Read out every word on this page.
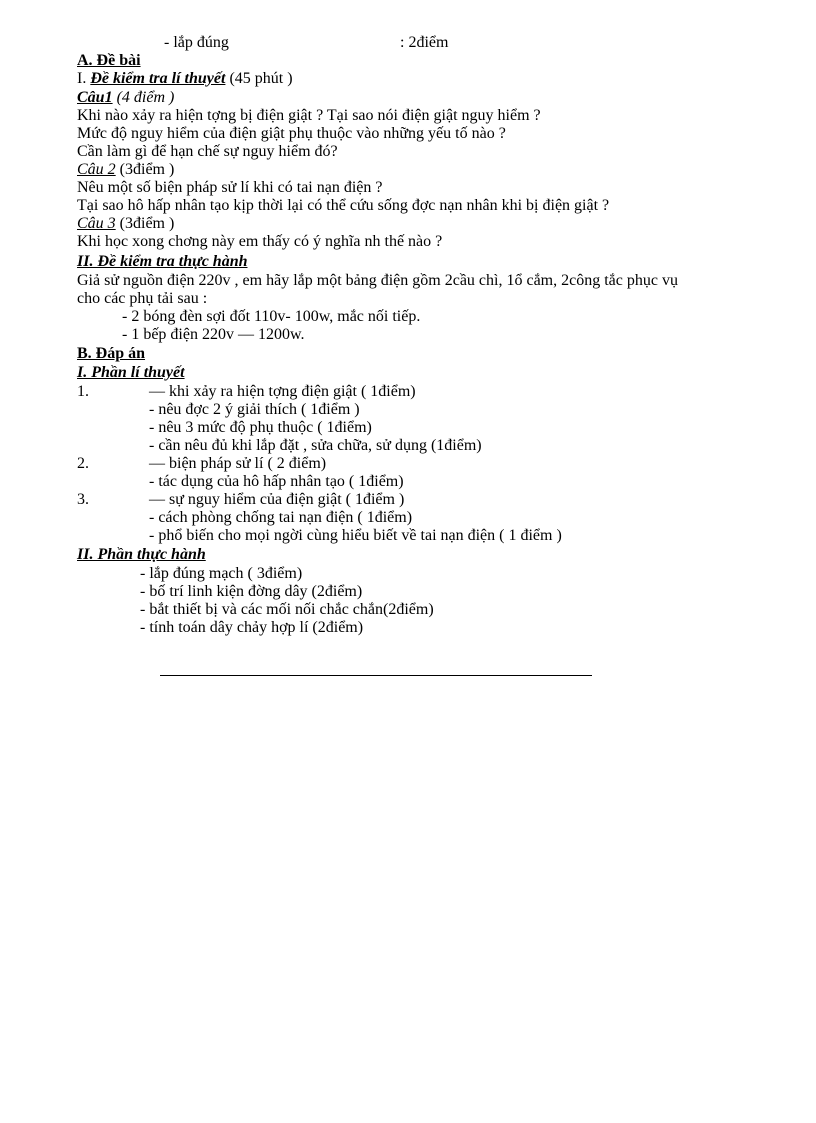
- lắp đúng	: 2điểm
A. Đề bài
I. Đề kiểm tra lí thuyết (45 phút )
Câu1 (4 điểm )
Khi nào xảy ra hiện tợng bị điện giật ? Tại sao nói điện giật nguy hiểm ?
Mức độ nguy hiểm của điện giật phụ thuộc vào những yếu tố nào ?
Cần làm gì để hạn chế sự nguy hiểm đó?
Câu 2 (3điểm )
Nêu một số biện pháp sử lí khi có tai nạn điện ?
Tại sao hô hấp nhân tạo kịp thời lại có thể cứu sống đợc nạn nhân khi bị điện giật ?
Câu 3 (3điểm )
Khi học xong chơng này em thấy có ý nghĩa nh thế nào ?
II. Đề kiểm tra thực hành
Giả sử nguồn điện 220v , em hãy lắp một bảng điện gồm 2cầu chì, 1ổ cắm, 2công tắc phục vụ
cho các phụ tải sau :
- 2 bóng đèn sợi đốt 110v- 100w, mắc nối tiếp.
- 1 bếp điện 220v — 1200w.
B. Đáp án
I. Phần lí thuyết
1.	— khi xảy ra hiện tợng điện giật ( 1điểm)
- nêu đợc 2 ý giải thích ( 1điểm )
- nêu 3 mức độ phụ thuộc ( 1điểm)
- cần nêu đủ khi lắp đặt , sửa chữa, sử dụng (1điểm)
2.	— biện pháp sử lí ( 2 điểm)
- tác dụng của hô hấp nhân tạo ( 1điểm)
3.	— sự nguy hiểm của điện giật ( 1điểm )
- cách phòng chống tai nạn điện ( 1điểm)
- phổ biến cho mọi ngời cùng hiểu biết về tai nạn điện ( 1 điểm )
II. Phần thực hành
- lắp đúng mạch ( 3điểm)
- bố trí linh kiện đờng dây (2điểm)
- bắt thiết bị và các mối nối chắc chắn(2điểm)
- tính toán dây chảy hợp lí (2điểm)
